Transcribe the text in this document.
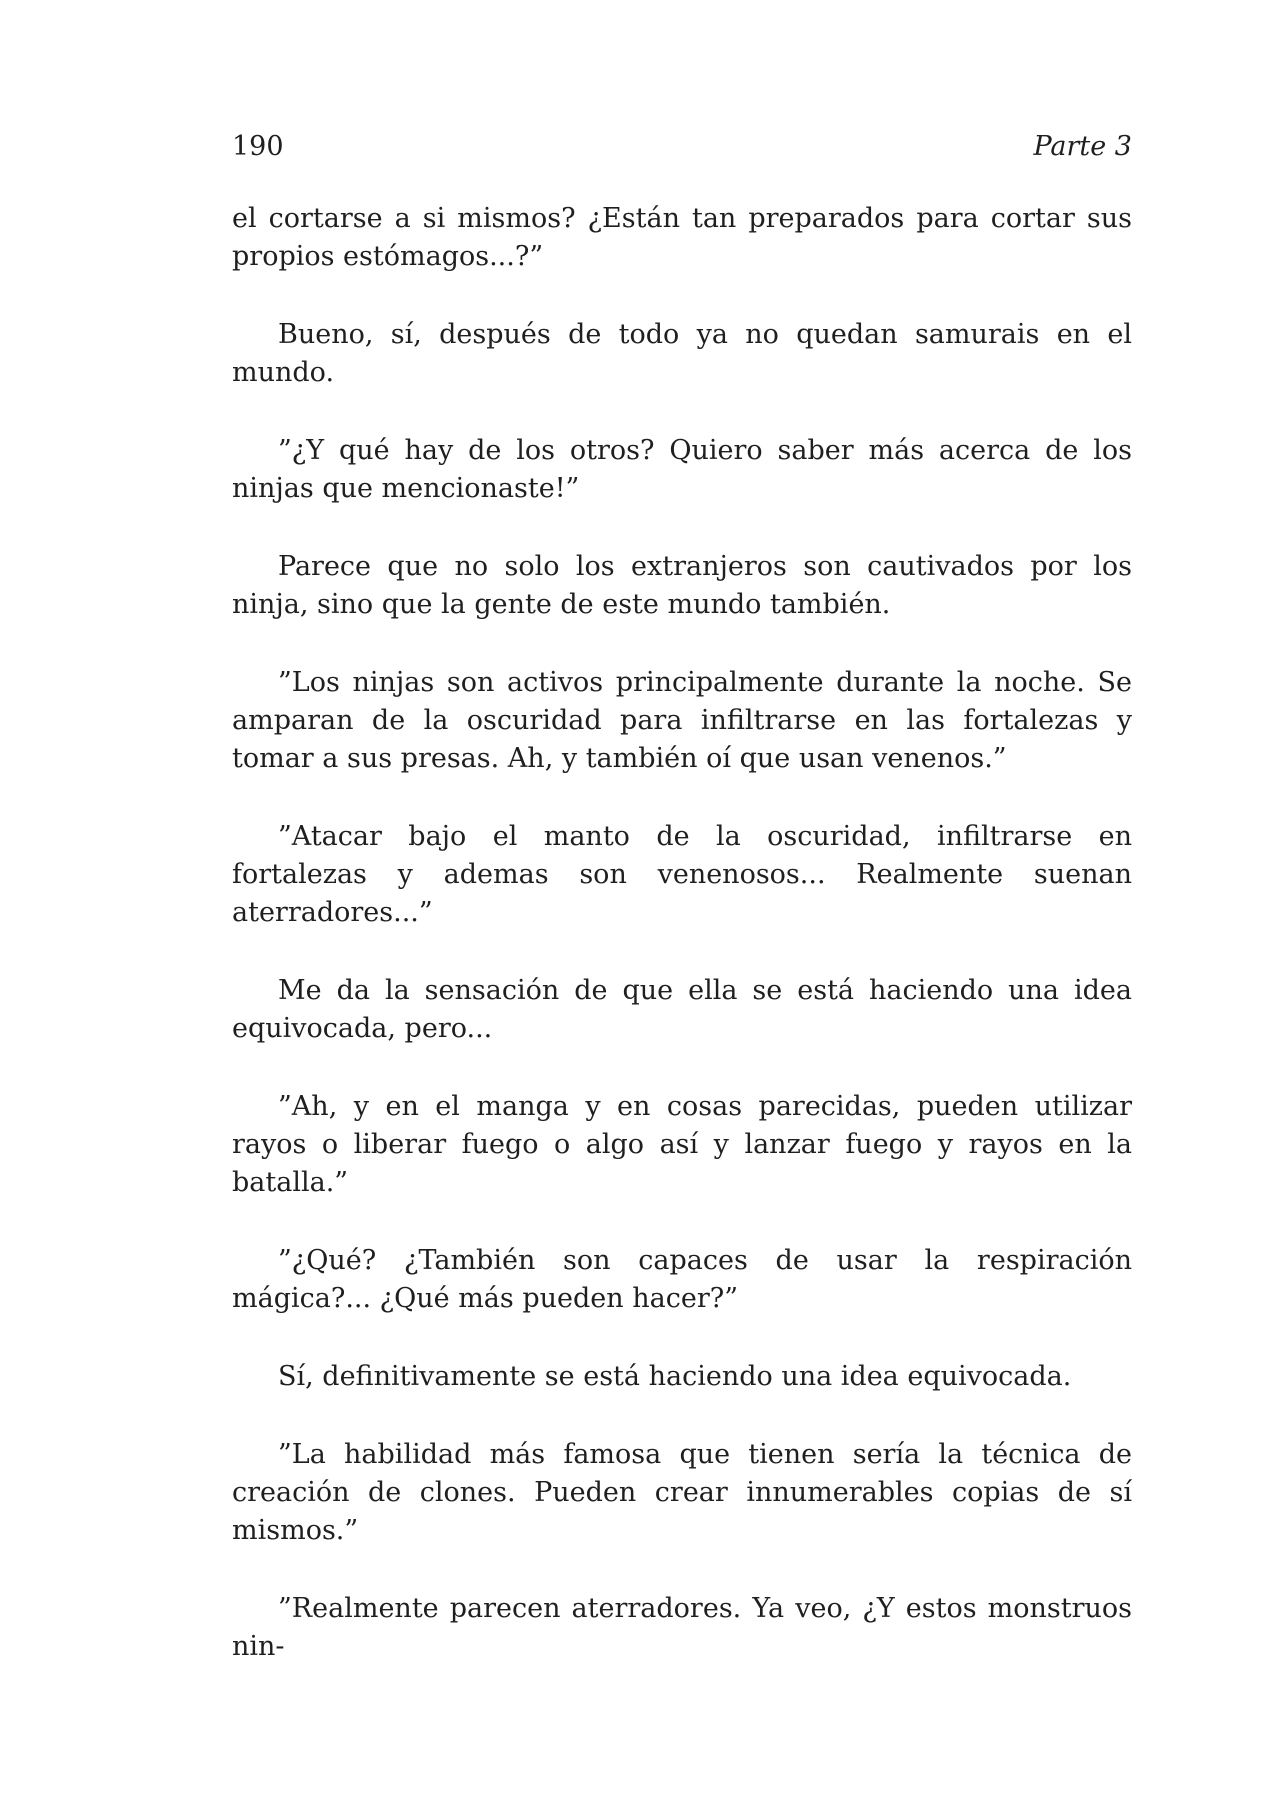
190	Parte 3

el cortarse a si mismos? ¿Están tan preparados para cortar sus propios estómagos...?”

Bueno, sí, después de todo ya no quedan samurais en el mundo.

”¿Y qué hay de los otros? Quiero saber más acerca de los ninjas que mencionaste!”

Parece que no solo los extranjeros son cautivados por los ninja, sino que la gente de este mundo también.

”Los ninjas son activos principalmente durante la noche. Se amparan de la oscuridad para infiltrarse en las fortalezas y tomar a sus presas. Ah, y también oí que usan venenos.”

”Atacar bajo el manto de la oscuridad, infiltrarse en fortalezas y ademas son venenosos... Realmente suenan aterradores...”

Me da la sensación de que ella se está haciendo una idea equivocada, pero...

”Ah, y en el manga y en cosas parecidas, pueden utilizar rayos o liberar fuego o algo así y lanzar fuego y rayos en la batalla.”

”¿Qué? ¿También son capaces de usar la respiración mágica?... ¿Qué más pueden hacer?”

Sí, definitivamente se está haciendo una idea equivocada.

”La habilidad más famosa que tienen sería la técnica de creación de clones. Pueden crear innumerables copias de sí mismos.”

”Realmente parecen aterradores. Ya veo, ¿Y estos monstruos nin-
